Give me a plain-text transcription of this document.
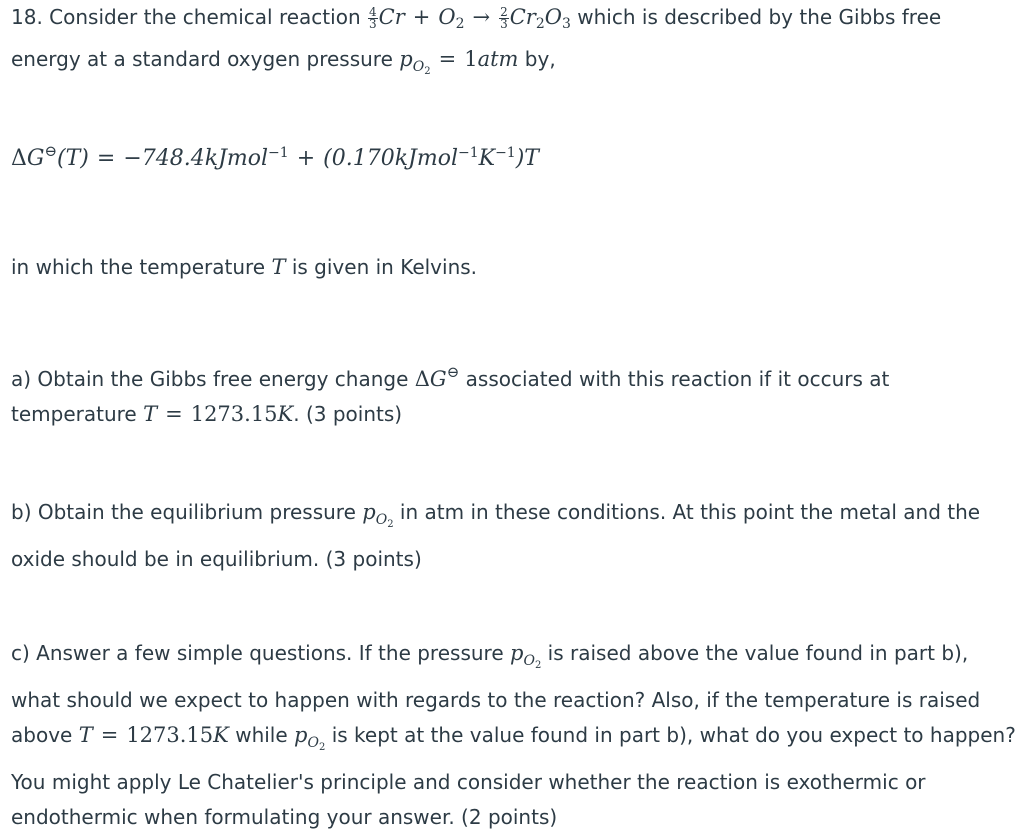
18. Consider the chemical reaction $\frac{4}{3}$ $Cr + O_2 \to \frac{2}{3} Cr_2O_3$ which is described by the Gibbs free energy at a standard oxygen pressure $p_{O_2}= 1atm$ by,

ΔG⊖(T) = −748.4kJmol$^{-1}$ + $(0.170kJmol^{-1}K^{-1})T$

in which the temperature T is given in Kelvins.

a) Obtain the Gibbs free energy change ΔG⊖ associated with this reaction if it occurs at temperature T = 1273.15K. (3 points)

b) Obtain the equilibrium pressure $p_{O_2}$ in atm in these conditions. At this point the metal and the oxide should be in equilibrium. (3 points)

c) Answer a few simple questions. If the pressure $p_{O_2}$ is raised above the value found in part b), what should we expect to happen with regards to the reaction? Also, if the temperature is raised above T = 1273.15K while $p_{O_2}$ is kept at the value found in part b), what do you expect to happen? You might apply Le Chatelier's principle and consider whether the reaction is exothermic or endothermic when formulating your answer. (2 points)
